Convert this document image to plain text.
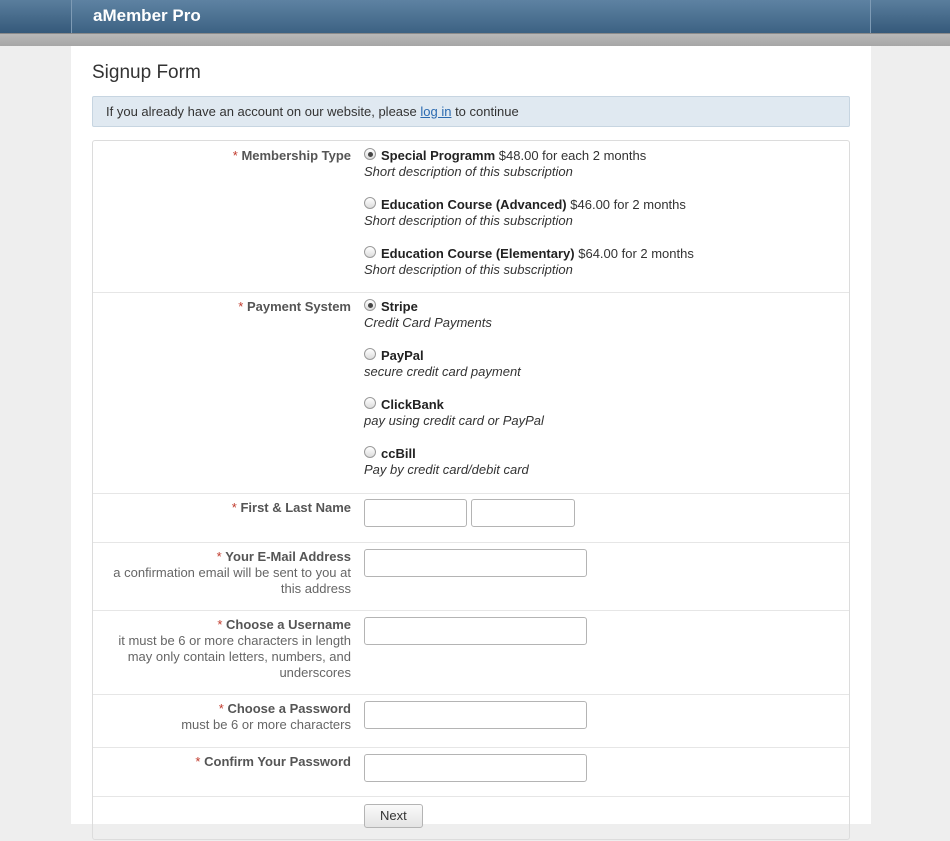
aMember Pro
Signup Form
If you already have an account on our website, please log in to continue
* Membership Type	Special Programm $48.00 for each 2 months
Short description of this subscription
Education Course (Advanced) $46.00 for 2 months
Short description of this subscription
Education Course (Elementary) $64.00 for 2 months
Short description of this subscription
* Payment System	Stripe
Credit Card Payments
PayPal
secure credit card payment
ClickBank
pay using credit card or PayPal
ccBill
Pay by credit card/debit card
* First & Last Name
* Your E-Mail Address
a confirmation email will be sent to you at
this address
* Choose a Username
it must be 6 or more characters in length
may only contain letters, numbers, and
underscores
* Choose a Password
must be 6 or more characters
* Confirm Your Password
Next
